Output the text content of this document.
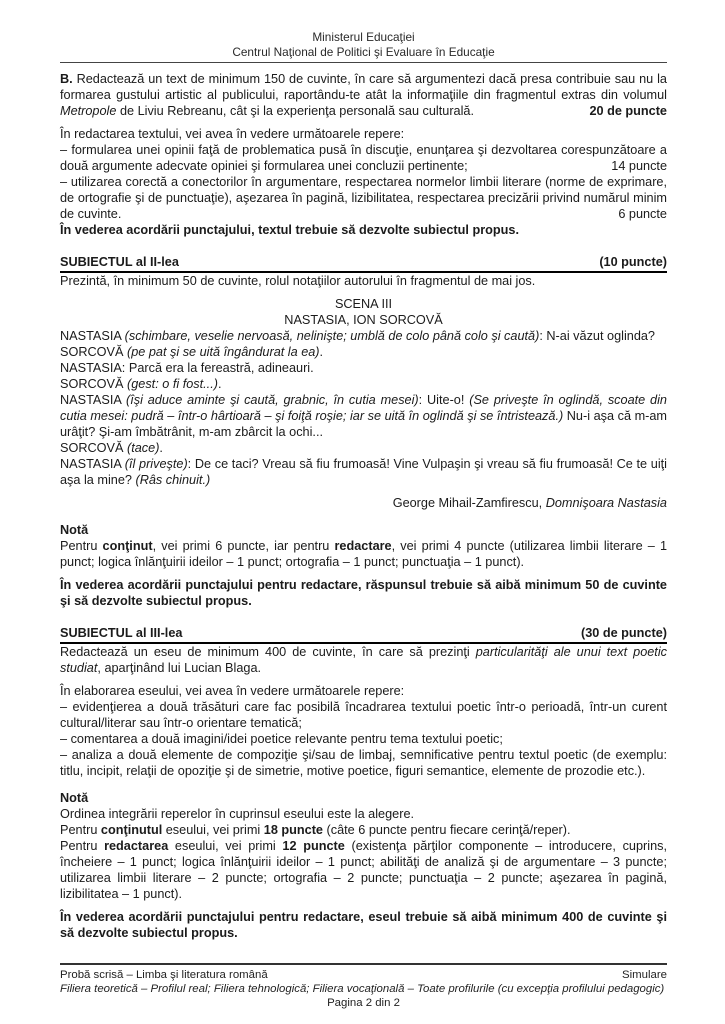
Ministerul Educaţiei
Centrul Naţional de Politici şi Evaluare în Educaţie
B. Redactează un text de minimum 150 de cuvinte, în care să argumentezi dacă presa contribuie sau nu la formarea gustului artistic al publicului, raportându-te atât la informaţiile din fragmentul extras din volumul Metropole de Liviu Rebreanu, cât şi la experienţa personală sau culturală.	20 de puncte
În redactarea textului, vei avea în vedere următoarele repere:
– formularea unei opinii faţă de problematica pusă în discuţie, enunţarea şi dezvoltarea corespunzătoare a două argumente adecvate opiniei şi formularea unei concluzii pertinente;	14 puncte
– utilizarea corectă a conectorilor în argumentare, respectarea normelor limbii literare (norme de exprimare, de ortografie şi de punctuaţie), aşezarea în pagină, lizibilitatea, respectarea precizării privind numărul minim de cuvinte.	6 puncte
În vederea acordării punctajului, textul trebuie să dezvolte subiectul propus.
SUBIECTUL al II-lea	(10 puncte)
Prezintă, în minimum 50 de cuvinte, rolul notaţiilor autorului în fragmentul de mai jos.
SCENA III
NASTASIA, ION SORCOVĂ
NASTASIA (schimbare, veselie nervoasă, nelinişte; umblă de colo până colo şi caută): N-ai văzut oglinda?
SORCOVĂ (pe pat şi se uită îngândurat la ea).
NASTASIA: Parcă era la fereastră, adineauri.
SORCOVĂ (gest: o fi fost...).
NASTASIA (îşi aduce aminte şi caută, grabnic, în cutia mesei): Uite-o! (Se priveşte în oglindă, scoate din cutia mesei: pudră – într-o hârtioară – şi foiţă roşie; iar se uită în oglindă şi se întristează.) Nu-i aşa că m-am urâţit? Şi-am îmbătrânit, m-am zbârcit la ochi...
SORCOVĂ (tace).
NASTASIA (îl priveşte): De ce taci? Vreau să fiu frumoasă! Vine Vulpaşin şi vreau să fiu frumoasă! Ce te uiţi aşa la mine? (Râs chinuit.)
George Mihail-Zamfirescu, Domnişoara Nastasia
Notă
Pentru conţinut, vei primi 6 puncte, iar pentru redactare, vei primi 4 puncte (utilizarea limbii literare – 1 punct; logica înlănţuirii ideilor – 1 punct; ortografia – 1 punct; punctuaţia – 1 punct).
În vederea acordării punctajului pentru redactare, răspunsul trebuie să aibă minimum 50 de cuvinte şi să dezvolte subiectul propus.
SUBIECTUL al III-lea	(30 de puncte)
Redactează un eseu de minimum 400 de cuvinte, în care să prezinţi particularităţi ale unui text poetic studiat, aparţinând lui Lucian Blaga.
În elaborarea eseului, vei avea în vedere următoarele repere:
– evidenţierea a două trăsături care fac posibilă încadrarea textului poetic într-o perioadă, într-un curent cultural/literar sau într-o orientare tematică;
– comentarea a două imagini/idei poetice relevante pentru tema textului poetic;
– analiza a două elemente de compoziţie şi/sau de limbaj, semnificative pentru textul poetic (de exemplu: titlu, incipit, relaţii de opoziţie şi de simetrie, motive poetice, figuri semantice, elemente de prozodie etc.).
Notă
Ordinea integrării reperelor în cuprinsul eseului este la alegere.
Pentru conţinutul eseului, vei primi 18 puncte (câte 6 puncte pentru fiecare cerinţă/reper).
Pentru redactarea eseului, vei primi 12 puncte (existenţa părţilor componente – introducere, cuprins, încheiere – 1 punct; logica înlănţuirii ideilor – 1 punct; abilităţi de analiză şi de argumentare – 3 puncte; utilizarea limbii literare – 2 puncte; ortografia – 2 puncte; punctuaţia – 2 puncte; aşezarea în pagină, lizibilitatea – 1 punct).
În vederea acordării punctajului pentru redactare, eseul trebuie să aibă minimum 400 de cuvinte şi să dezvolte subiectul propus.
Probă scrisă – Limba şi literatura română	Simulare
Filiera teoretică – Profilul real; Filiera tehnologică; Filiera vocaţională – Toate profilurile (cu excepţia profilului pedagogic)
Pagina 2 din 2
